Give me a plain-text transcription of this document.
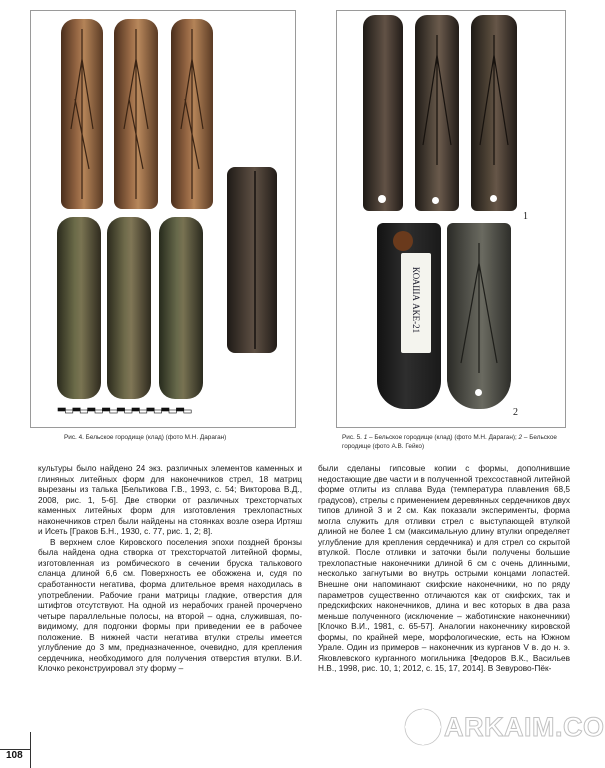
Рис. 4. Бельское городище (клад) (фото М.Н. Дараган)
1
КОАША АКЕ-21
2
Рис. 5. 1 – Бельское городище (клад) (фото М.Н. Дараган); 2 – Бельское городище (фото А.В. Гейко)

культуры было найдено 24 экз. различных элементов каменных и глиняных литейных форм для наконечников стрел, 18 матриц вырезаны из талька [Бельтикова Г.В., 1993, с. 54; Викторова В.Д., 2008, рис. 1, 5-6]. Две створки от различных трехсторчатых каменных литейных форм для изготовления трехлопастных наконечников стрел были найдены на стоянках возле озера Иртяш и Исеть [Граков Б.Н., 1930, с. 77, рис. 1, 2; 8].

В верхнем слое Кировского поселения эпохи поздней бронзы была найдена одна створка от трехсторчатой литейной формы, изготовленная из ромбического в сечении бруска талькового сланца длиной 6,6 см. Поверхность ее обожжена и, судя по сработанности негатива, форма длительное время находилась в употреблении. Рабочие грани матрицы гладкие, отверстия для штифтов отсутствуют. На одной из нерабочих граней прочерчено четыре параллельные полосы, на второй – одна, служившая, по-видимому, для подгонки формы при приведении ее в рабочее положение. В нижней части негатива втулки стрелы имеется углубление до 3 мм, предназначенное, очевидно, для крепления сердечника, необходимого для получения отверстия втулки. В.И. Клочко реконструировал эту форму –

были сделаны гипсовые копии с формы, дополнившие недостающие две части и в полученной трехсоставной литейной форме отлиты из сплава Вуда (температура плавления 68,5 градусов), стрелы с применением деревянных сердечников двух типов длиной 3 и 2 см. Как показали эксперименты, форма могла служить для отливки стрел с выступающей втулкой длиной не более 1 см (максимальную длину втулки определяет углубление для крепления сердечника) и для стрел со скрытой втулкой. После отливки и заточки были получены большие трехлопастные наконечники длиной 6 см с очень длинными, несколько загнутыми во внутрь острыми концами лопастей. Внешне они напоминают скифские наконечники, но по ряду параметров существенно отличаются как от скифских, так и предскифских наконечников, длина и вес которых в два раза меньше полученного (исключение – жаботинские наконечники) [Клочко В.И., 1981, с. 65-57]. Аналогии наконечнику кировской формы, по крайней мере, морфологические, есть на Южном Урале. Один из примеров – наконечник из курганов V в. до н. э. Яковлевского курганного могильника [Федоров В.К., Васильев Н.В., 1998, рис. 10, 1; 2012, с. 15, 17, 2014]. В Зевурово-Пёк-

108
ARKAIM.CO
